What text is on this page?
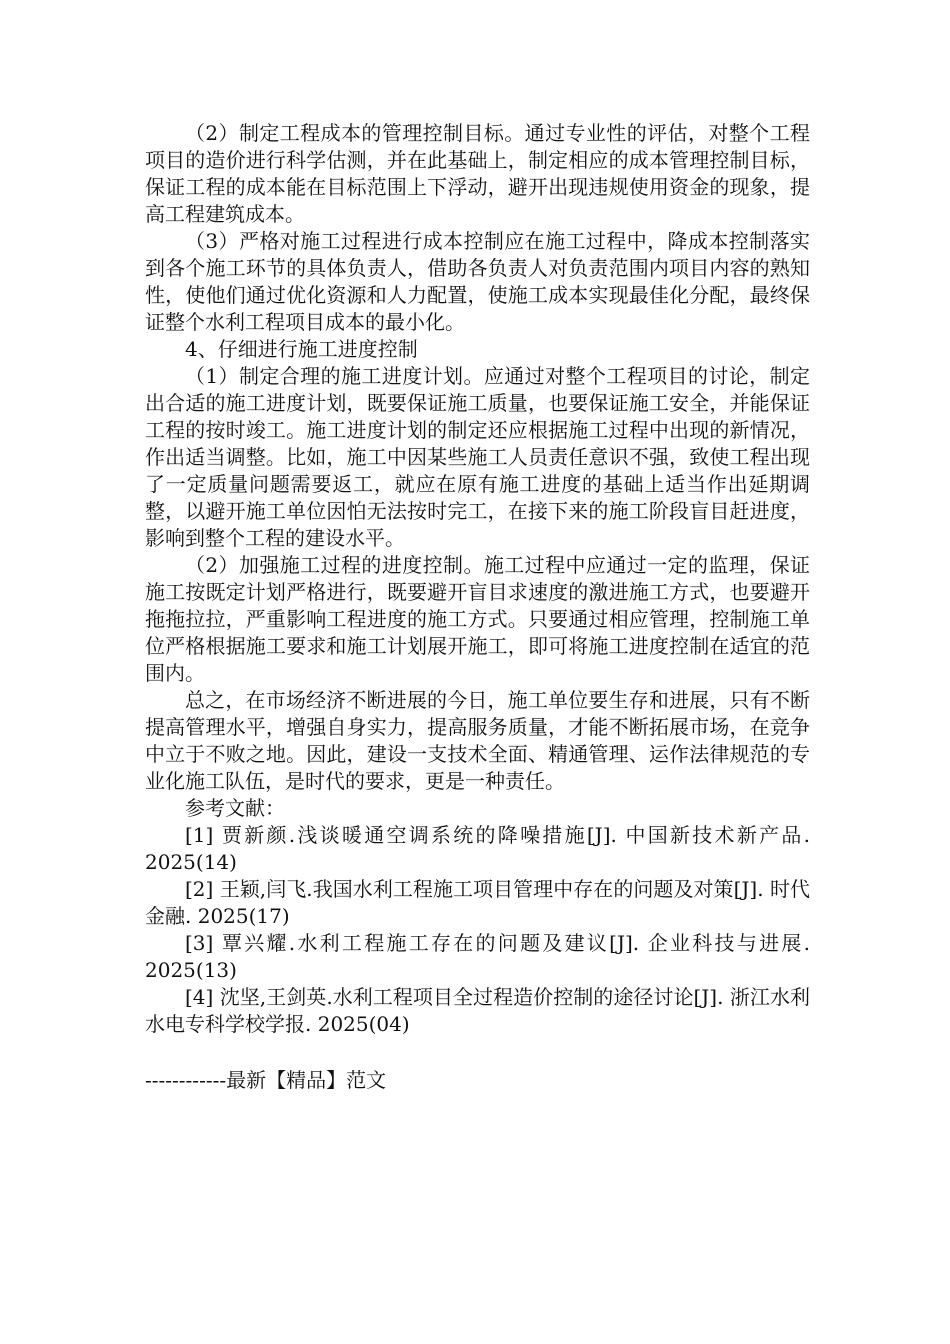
（2）制定工程成本的管理控制目标。通过专业性的评估，对整个工程项目的造价进行科学估测，并在此基础上，制定相应的成本管理控制目标，保证工程的成本能在目标范围上下浮动，避开出现违规使用资金的现象，提高工程建筑成本。

（3）严格对施工过程进行成本控制应在施工过程中，降成本控制落实到各个施工环节的具体负责人，借助各负责人对负责范围内项目内容的熟知性，使他们通过优化资源和人力配置，使施工成本实现最佳化分配，最终保证整个水利工程项目成本的最小化。

4、仔细进行施工进度控制

（1）制定合理的施工进度计划。应通过对整个工程项目的讨论，制定出合适的施工进度计划，既要保证施工质量，也要保证施工安全，并能保证工程的按时竣工。施工进度计划的制定还应根据施工过程中出现的新情况，作出适当调整。比如，施工中因某些施工人员责任意识不强，致使工程出现了一定质量问题需要返工，就应在原有施工进度的基础上适当作出延期调整，以避开施工单位因怕无法按时完工，在接下来的施工阶段盲目赶进度，影响到整个工程的建设水平。

（2）加强施工过程的进度控制。施工过程中应通过一定的监理，保证施工按既定计划严格进行，既要避开盲目求速度的激进施工方式，也要避开拖拖拉拉，严重影响工程进度的施工方式。只要通过相应管理，控制施工单位严格根据施工要求和施工计划展开施工，即可将施工进度控制在适宜的范围内。

总之，在市场经济不断进展的今日，施工单位要生存和进展，只有不断提高管理水平，增强自身实力，提高服务质量，才能不断拓展市场，在竞争中立于不败之地。因此，建设一支技术全面、精通管理、运作法律规范的专业化施工队伍，是时代的要求，更是一种责任。

参考文献：

[1] 贾新颜.浅谈暖通空调系统的降噪措施[J]. 中国新技术新产品. 2025(14)

[2] 王颖,闫飞.我国水利工程施工项目管理中存在的问题及对策[J]. 时代金融. 2025(17)

[3] 覃兴耀.水利工程施工存在的问题及建议[J]. 企业科技与进展. 2025(13)

[4] 沈坚,王剑英.水利工程项目全过程造价控制的途径讨论[J]. 浙江水利水电专科学校学报. 2025(04)

------------最新【精品】范文
